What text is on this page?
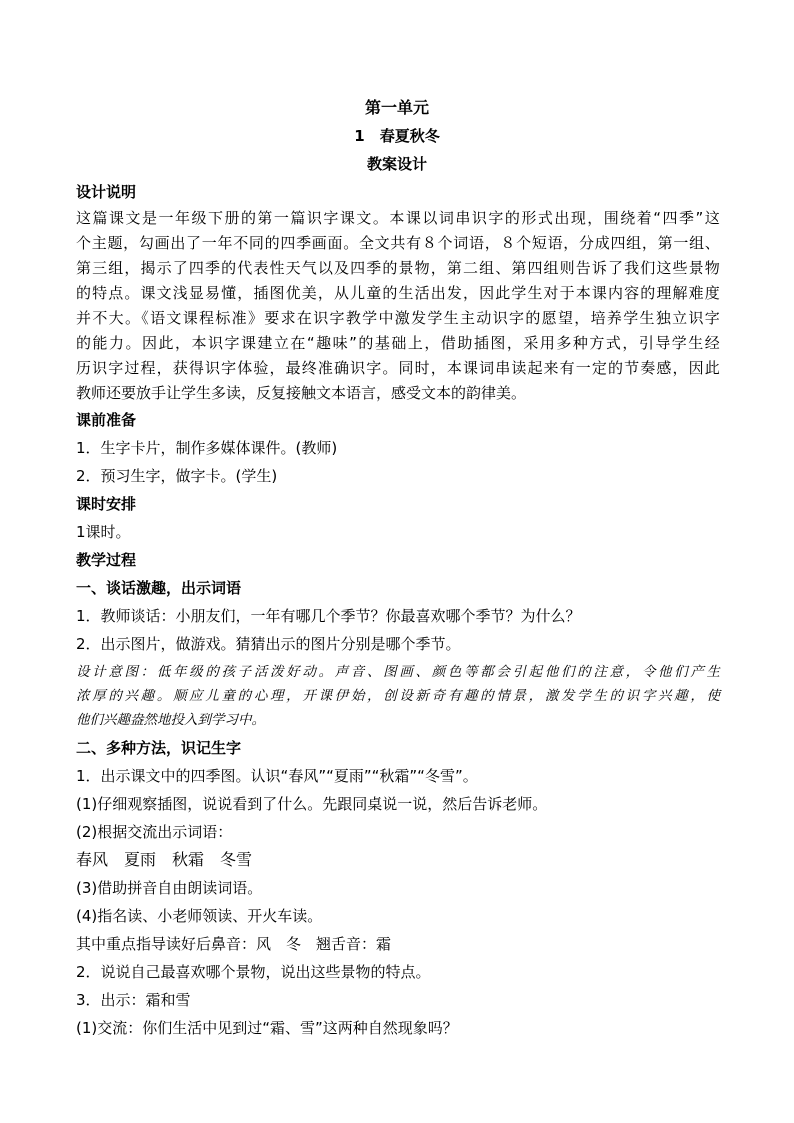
第一单元
1　春夏秋冬
教案设计
设计说明
这篇课文是一年级下册的第一篇识字课文。本课以词串识字的形式出现，围绕着“四季”这
个主题，勾画出了一年不同的四季画面。全文共有８个词语，８个短语，分成四组，第一组、
第三组，揭示了四季的代表性天气以及四季的景物，第二组、第四组则告诉了我们这些景物
的特点。课文浅显易懂，插图优美，从儿童的生活出发，因此学生对于本课内容的理解难度
并不大。《语文课程标准》要求在识字教学中激发学生主动识字的愿望，培养学生独立识字
的能力。因此，本识字课建立在“趣味”的基础上，借助插图，采用多种方式，引导学生经
历识字过程，获得识字体验，最终准确识字。同时，本课词串读起来有一定的节奏感，因此
教师还要放手让学生多读，反复接触文本语言，感受文本的韵律美。
课前准备
1．生字卡片，制作多媒体课件。(教师)
2．预习生字，做字卡。(学生)
课时安排
1课时。
教学过程
一、谈话激趣，出示词语
1．教师谈话：小朋友们，一年有哪几个季节？你最喜欢哪个季节？为什么？
2．出示图片，做游戏。猜猜出示的图片分别是哪个季节。
设计意图：低年级的孩子活泼好动。声音、图画、颜色等都会引起他们的注意，令他们产生
浓厚的兴趣。顺应儿童的心理，开课伊始，创设新奇有趣的情景，激发学生的识字兴趣，使
他们兴趣盎然地投入到学习中。
二、多种方法，识记生字
1．出示课文中的四季图。认识“春风”“夏雨”“秋霜”“冬雪”。
(1)仔细观察插图，说说看到了什么。先跟同桌说一说，然后告诉老师。
(2)根据交流出示词语：
春风　夏雨　秋霜　冬雪
(3)借助拼音自由朗读词语。
(4)指名读、小老师领读、开火车读。
其中重点指导读好后鼻音：风　冬　翘舌音：霜
2．说说自己最喜欢哪个景物，说出这些景物的特点。
3．出示：霜和雪
(1)交流：你们生活中见到过“霜、雪”这两种自然现象吗？
